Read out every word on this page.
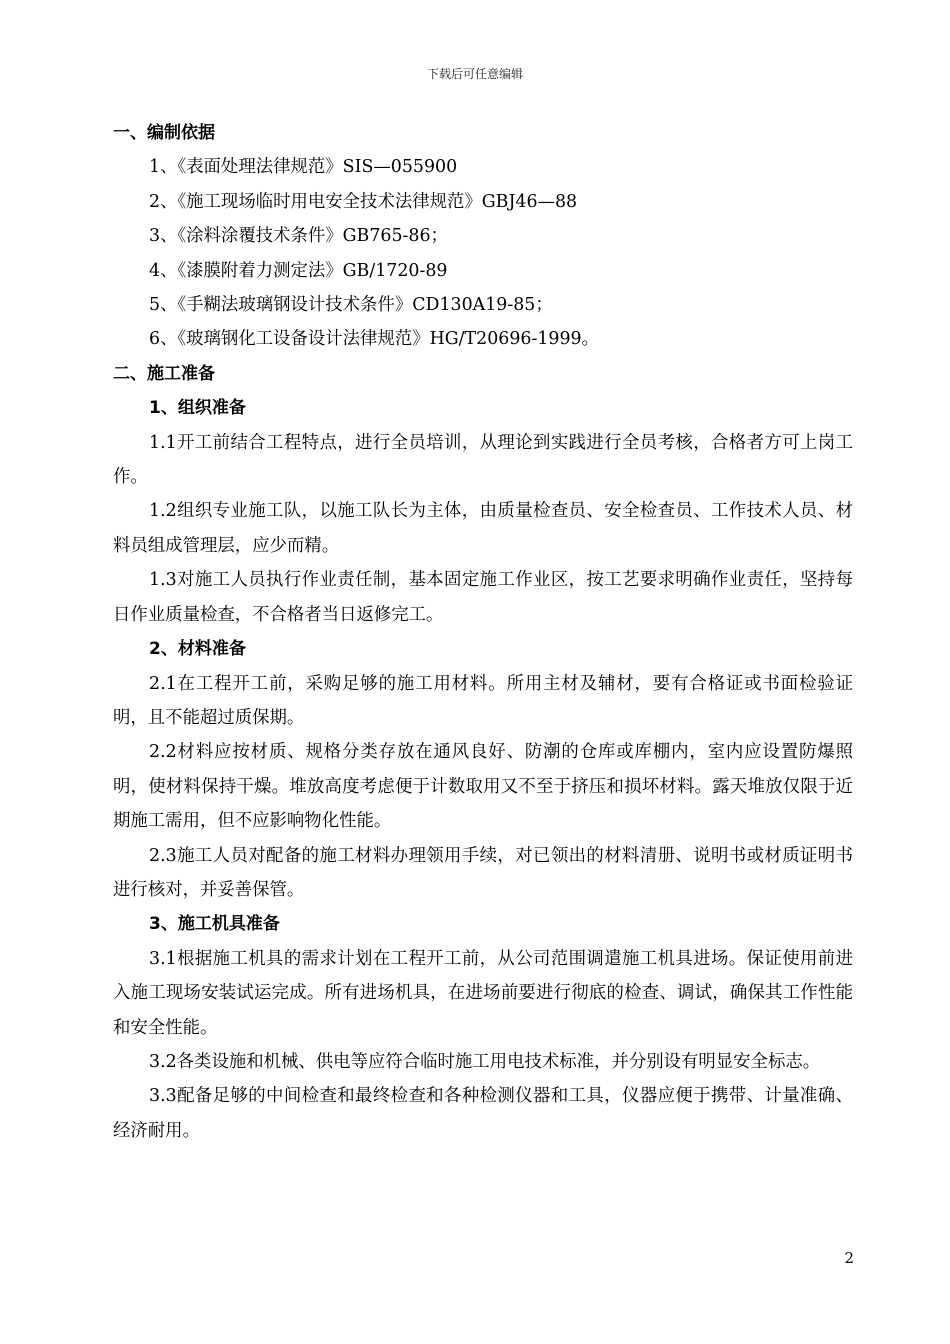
下载后可任意编辑

一、编制依据

1、《表面处理法律规范》SIS—055900

2、《施工现场临时用电安全技术法律规范》GBJ46—88

3、《涂料涂覆技术条件》GB765-86；

4、《漆膜附着力测定法》GB/1720-89

5、《手糊法玻璃钢设计技术条件》CD130A19-85；

6、《玻璃钢化工设备设计法律规范》HG/T20696-1999。

二、施工准备

1、组织准备

1.1开工前结合工程特点，进行全员培训，从理论到实践进行全员考核，合格者方可上岗工作。

1.2组织专业施工队，以施工队长为主体，由质量检查员、安全检查员、工作技术人员、材料员组成管理层，应少而精。

1.3对施工人员执行作业责任制，基本固定施工作业区，按工艺要求明确作业责任，坚持每日作业质量检查，不合格者当日返修完工。

2、材料准备

2.1在工程开工前，采购足够的施工用材料。所用主材及辅材，要有合格证或书面检验证明，且不能超过质保期。

2.2材料应按材质、规格分类存放在通风良好、防潮的仓库或库棚内，室内应设置防爆照明，使材料保持干燥。堆放高度考虑便于计数取用又不至于挤压和损坏材料。露天堆放仅限于近期施工需用，但不应影响物化性能。

2.3施工人员对配备的施工材料办理领用手续，对已领出的材料清册、说明书或材质证明书进行核对，并妥善保管。

3、施工机具准备

3.1根据施工机具的需求计划在工程开工前，从公司范围调遣施工机具进场。保证使用前进入施工现场安装试运完成。所有进场机具，在进场前要进行彻底的检查、调试，确保其工作性能和安全性能。

3.2各类设施和机械、供电等应符合临时施工用电技术标准，并分别设有明显安全标志。

3.3配备足够的中间检查和最终检查和各种检测仪器和工具，仪器应便于携带、计量准确、经济耐用。

2
